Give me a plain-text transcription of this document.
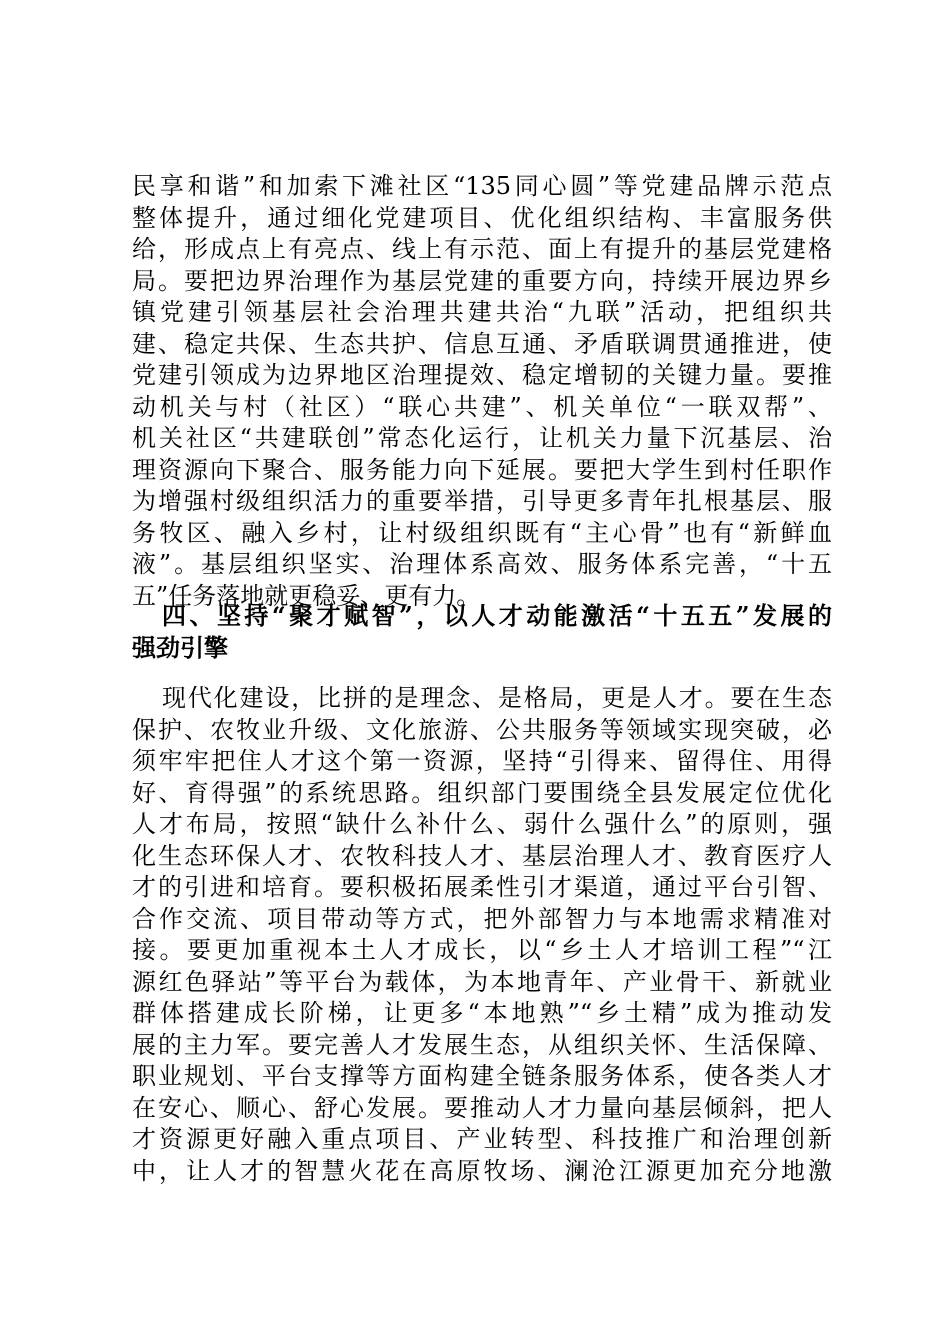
民享和谐”和加索下滩社区“135同心圆”等党建品牌示范点
整体提升，通过细化党建项目、优化组织结构、丰富服务供
给，形成点上有亮点、线上有示范、面上有提升的基层党建格
局。要把边界治理作为基层党建的重要方向，持续开展边界乡
镇党建引领基层社会治理共建共治“九联”活动，把组织共
建、稳定共保、生态共护、信息互通、矛盾联调贯通推进，使
党建引领成为边界地区治理提效、稳定增韧的关键力量。要推
动机关与村（社区）“联心共建”、机关单位“一联双帮”、
机关社区“共建联创”常态化运行，让机关力量下沉基层、治
理资源向下聚合、服务能力向下延展。要把大学生到村任职作
为增强村级组织活力的重要举措，引导更多青年扎根基层、服
务牧区、融入乡村，让村级组织既有“主心骨”也有“新鲜血
液”。基层组织坚实、治理体系高效、服务体系完善，“十五
五”任务落地就更稳妥、更有力。
四、坚持“聚才赋智”，以人才动能激活“十五五”发展的
强劲引擎
现代化建设，比拼的是理念、是格局，更是人才。要在生态
保护、农牧业升级、文化旅游、公共服务等领域实现突破，必
须牢牢把住人才这个第一资源，坚持“引得来、留得住、用得
好、育得强”的系统思路。组织部门要围绕全县发展定位优化
人才布局，按照“缺什么补什么、弱什么强什么”的原则，强
化生态环保人才、农牧科技人才、基层治理人才、教育医疗人
才的引进和培育。要积极拓展柔性引才渠道，通过平台引智、
合作交流、项目带动等方式，把外部智力与本地需求精准对
接。要更加重视本土人才成长，以“乡土人才培训工程”“江
源红色驿站”等平台为载体，为本地青年、产业骨干、新就业
群体搭建成长阶梯，让更多“本地熟”“乡土精”成为推动发
展的主力军。要完善人才发展生态，从组织关怀、生活保障、
职业规划、平台支撑等方面构建全链条服务体系，使各类人才
在安心、顺心、舒心发展。要推动人才力量向基层倾斜，把人
才资源更好融入重点项目、产业转型、科技推广和治理创新
中，让人才的智慧火花在高原牧场、澜沧江源更加充分地激
